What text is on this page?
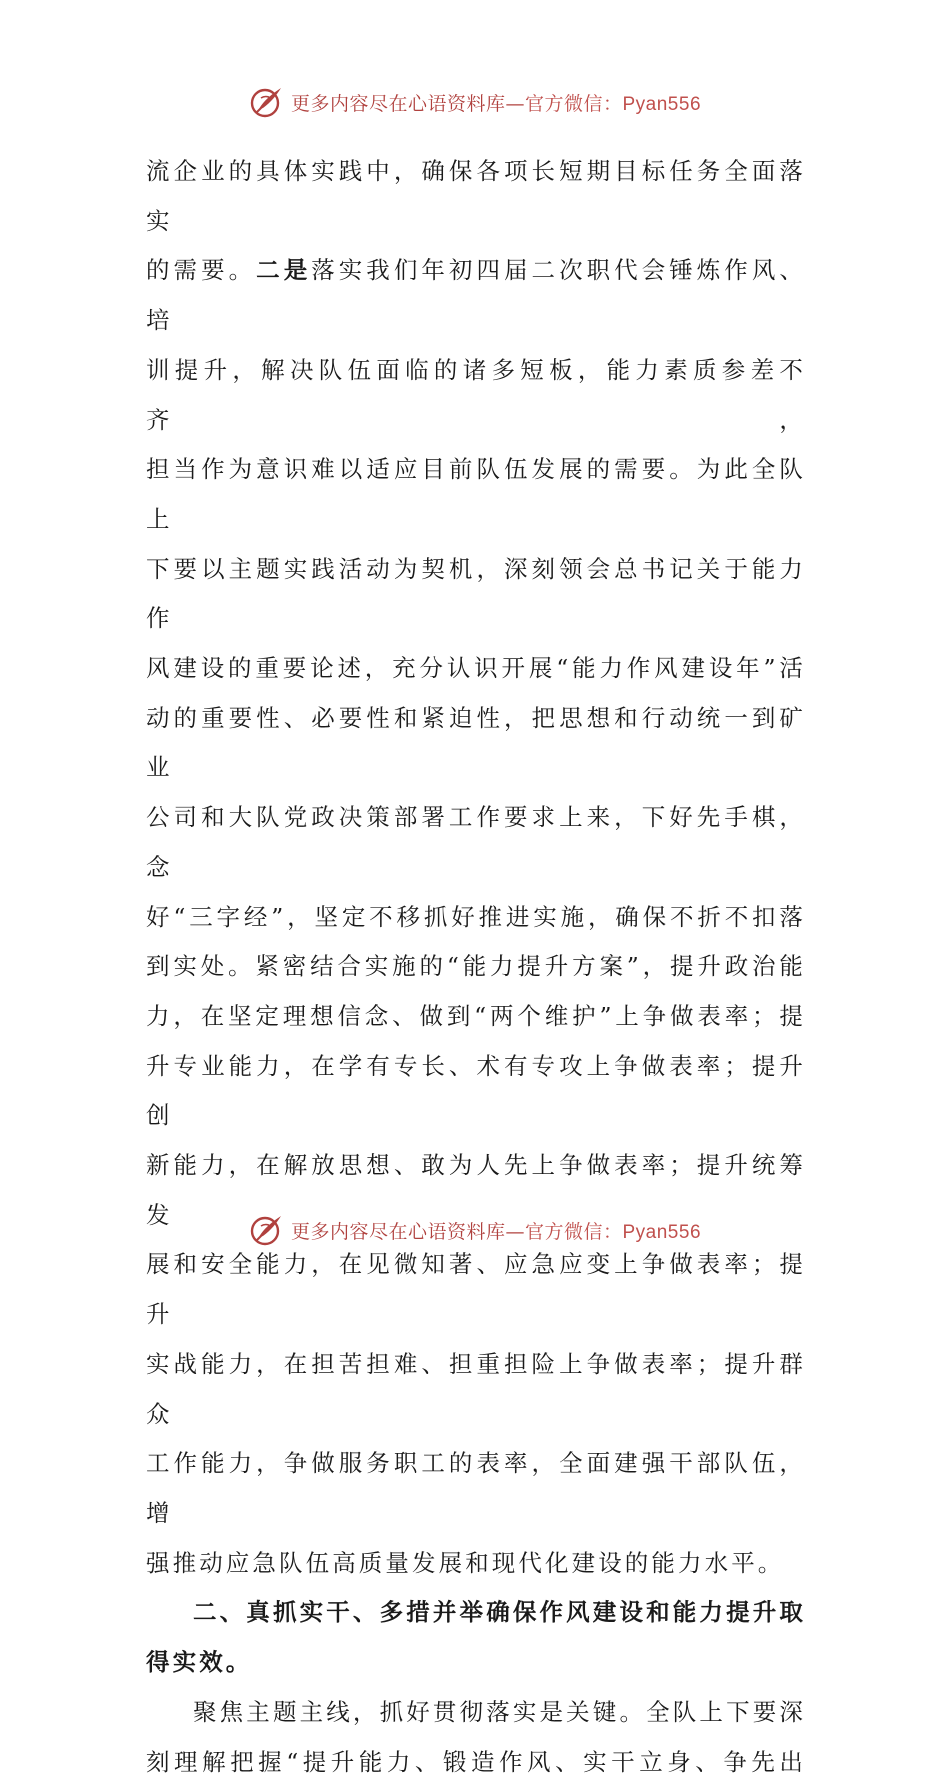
更多内容尽在心语资料库—官方微信：Pyan556

流企业的具体实践中，确保各项长短期目标任务全面落实

的需要。二是落实我们年初四届二次职代会锤炼作风、培

训提升，解决队伍面临的诸多短板，能力素质参差不齐，

担当作为意识难以适应目前队伍发展的需要。为此全队上

下要以主题实践活动为契机，深刻领会总书记关于能力作

风建设的重要论述，充分认识开展“能力作风建设年”活

动的重要性、必要性和紧迫性，把思想和行动统一到矿业

公司和大队党政决策部署工作要求上来，下好先手棋，念

好“三字经”，坚定不移抓好推进实施，确保不折不扣落

到实处。紧密结合实施的“能力提升方案”，提升政治能

力，在坚定理想信念、做到“两个维护”上争做表率；提

升专业能力，在学有专长、术有专攻上争做表率；提升创

新能力，在解放思想、敢为人先上争做表率；提升统筹发

展和安全能力，在见微知著、应急应变上争做表率；提升

实战能力，在担苦担难、担重担险上争做表率；提升群众

工作能力，争做服务职工的表率，全面建强干部队伍，增

强推动应急队伍高质量发展和现代化建设的能力水平。

二、真抓实干、多措并举确保作风建设和能力提升取

得实效。

聚焦主题主线，抓好贯彻落实是关键。全队上下要深

刻理解把握“提升能力、锻造作风、实干立身、争先出

更多内容尽在心语资料库—官方微信：Pyan556
